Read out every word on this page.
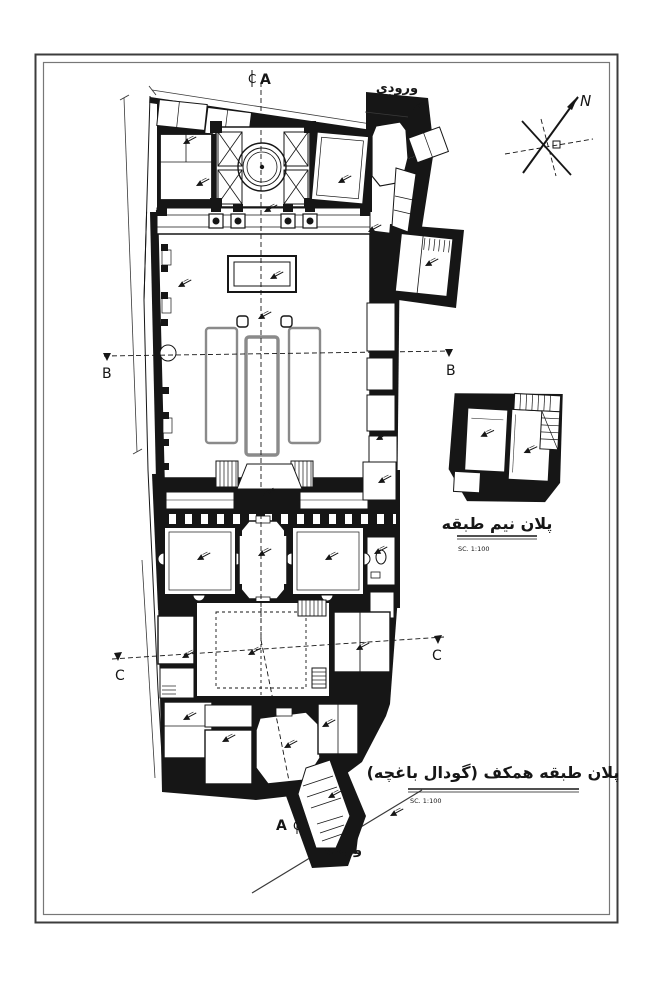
C A
A C
B	B
C
C
ورودی
ورودی
N
پلان نیم طبقه
SC. 1:100
پلان طبقه همکف (گودال باغچه)
SC. 1:100
